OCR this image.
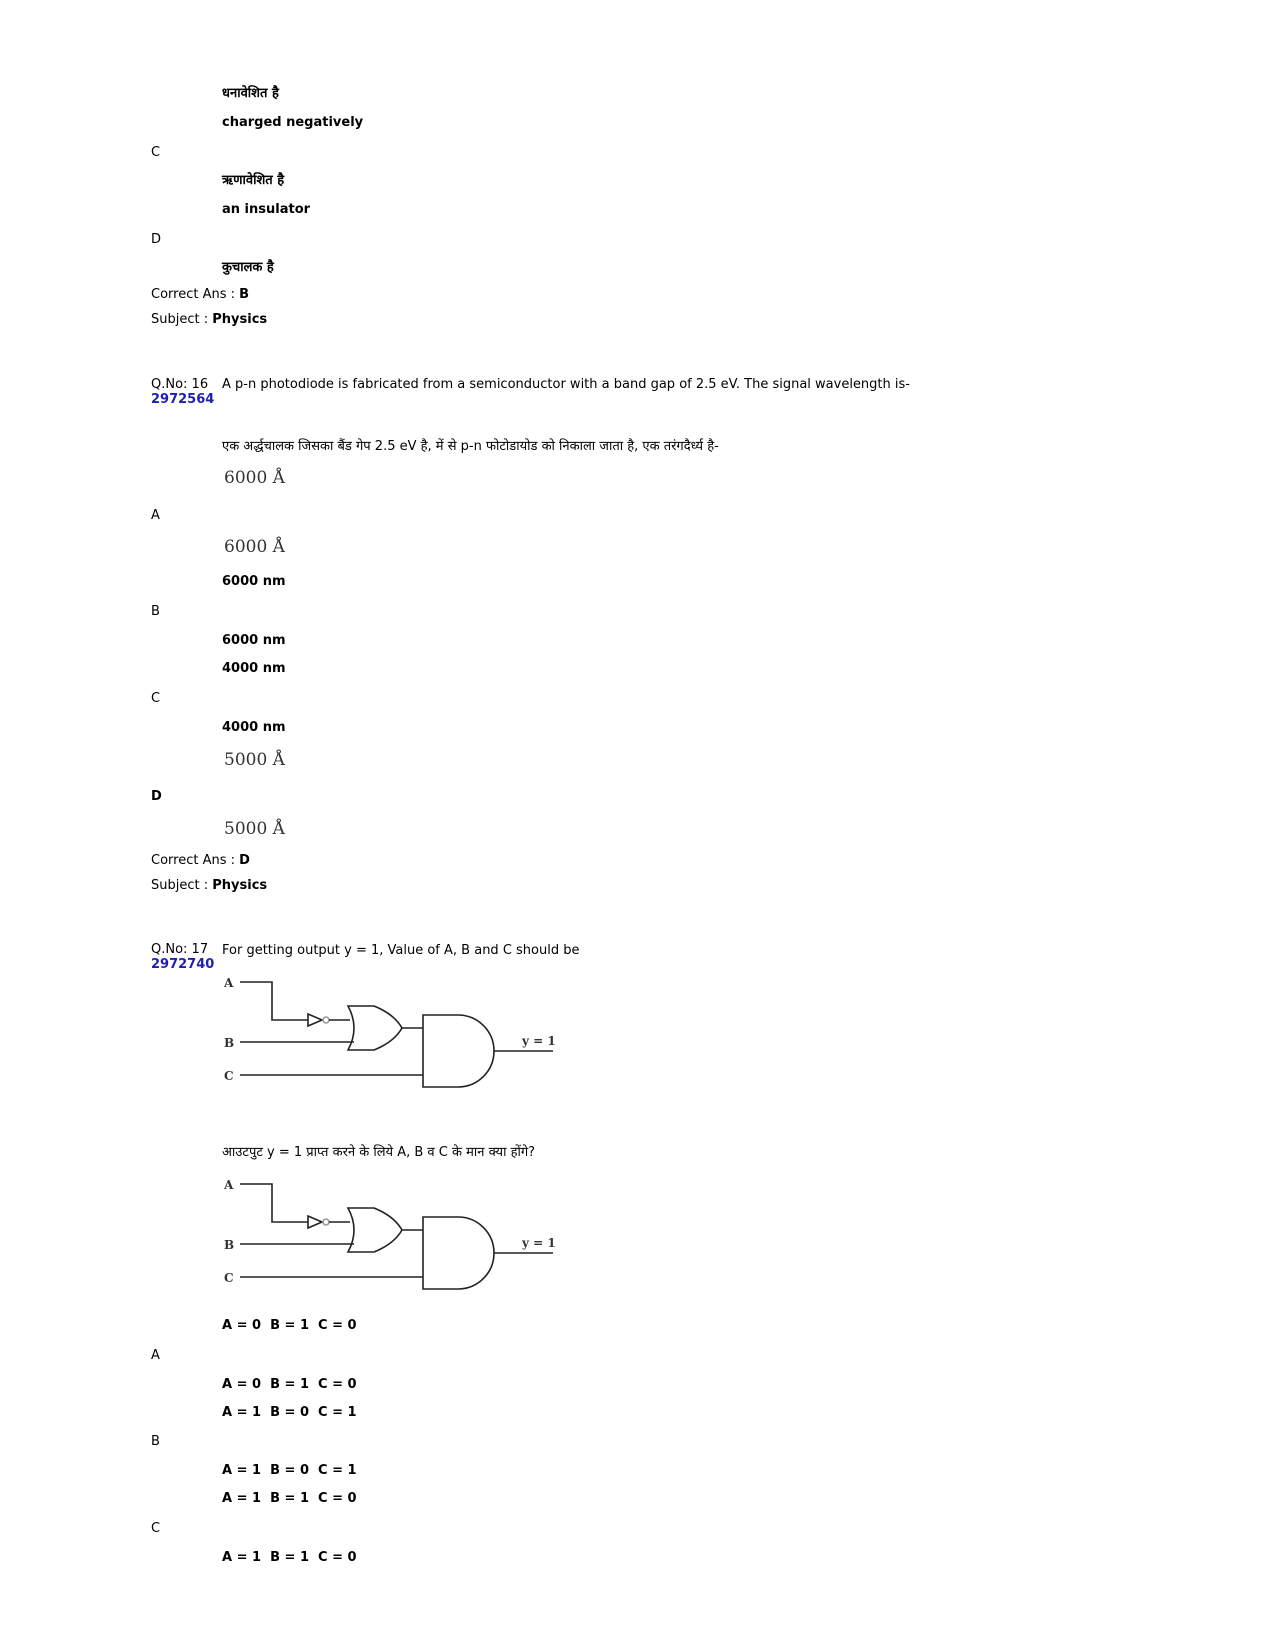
धनावेशित है
charged negatively
C
ऋणावेशित है
an insulator
D
कुचालक है
Correct Ans : B
Subject : Physics
Q.No: 16
2972564
A p-n photodiode is fabricated from a semiconductor with a band gap of 2.5 eV. The signal wavelength is-
एक अर्द्धचालक जिसका बैंड गेप 2.5 eV है, में से p-n फोटोडायोड को निकाला जाता है, एक तरंगदैर्ध्य है-
6000 Å
A
6000 Å
6000 nm
B
6000 nm
4000 nm
C
4000 nm
5000 Å
D
5000 Å
Correct Ans : D
Subject : Physics
Q.No: 17
2972740
For getting output y = 1, Value of A, B and C should be
A
B
C
y = 1
आउटपुट y = 1 प्राप्त करने के लिये A, B व C के मान क्या होंगे?
A
B
C
y = 1
A = 0  B = 1  C = 0
A
A = 0  B = 1  C = 0
A = 1  B = 0  C = 1
B
A = 1  B = 0  C = 1
A = 1  B = 1  C = 0
C
A = 1  B = 1  C = 0
